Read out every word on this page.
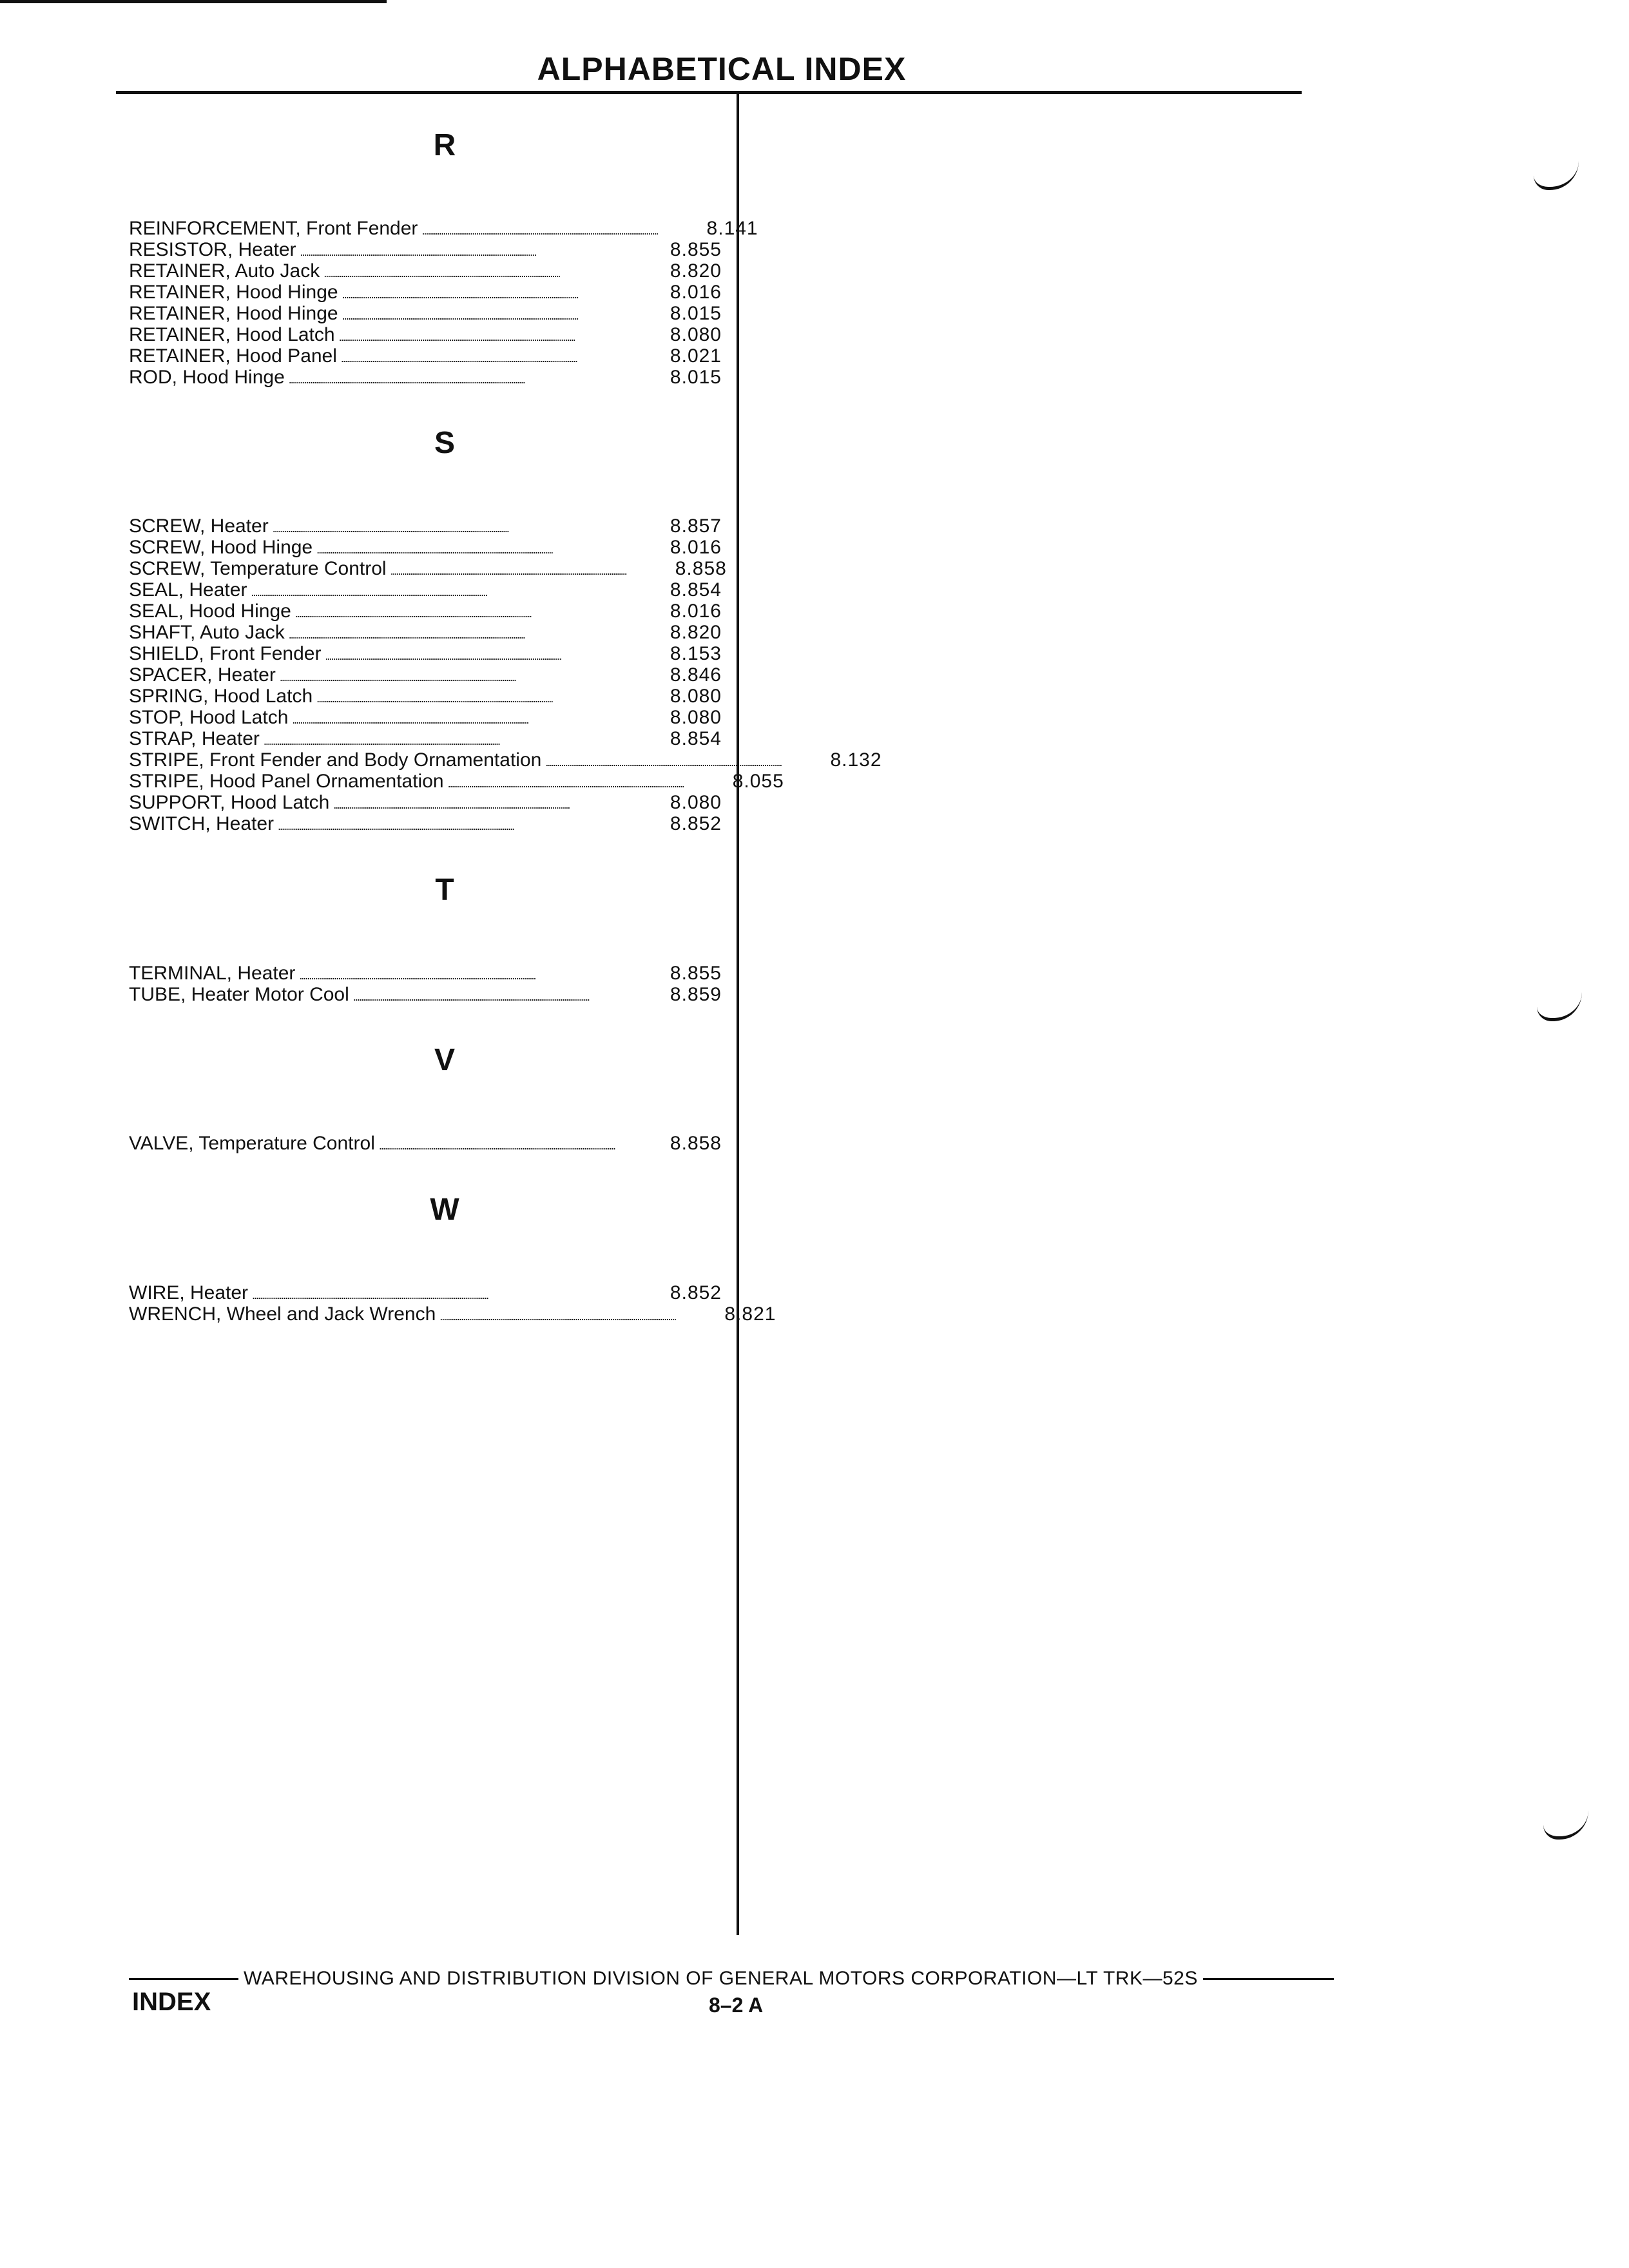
ALPHABETICAL INDEX
R
REINFORCEMENT, Front Fender ..........................................................................................................................	8.141
RESISTOR, Heater ..........................................................................................................................	8.855
RETAINER, Auto Jack ..........................................................................................................................	8.820
RETAINER, Hood Hinge ..........................................................................................................................	8.016
RETAINER, Hood Hinge ..........................................................................................................................	8.015
RETAINER, Hood Latch ..........................................................................................................................	8.080
RETAINER, Hood Panel ..........................................................................................................................	8.021
ROD, Hood Hinge ..........................................................................................................................	8.015
S
SCREW, Heater ..........................................................................................................................	8.857
SCREW, Hood Hinge ..........................................................................................................................	8.016
SCREW, Temperature Control ..........................................................................................................................	8.858
SEAL, Heater ..........................................................................................................................	8.854
SEAL, Hood Hinge ..........................................................................................................................	8.016
SHAFT, Auto Jack ..........................................................................................................................	8.820
SHIELD, Front Fender ..........................................................................................................................	8.153
SPACER, Heater ..........................................................................................................................	8.846
SPRING, Hood Latch ..........................................................................................................................	8.080
STOP, Hood Latch ..........................................................................................................................	8.080
STRAP, Heater ..........................................................................................................................	8.854
STRIPE, Front Fender and Body Ornamentation ..........................................................................................................................	8.132
STRIPE, Hood Panel Ornamentation ..........................................................................................................................	8.055
SUPPORT, Hood Latch ..........................................................................................................................	8.080
SWITCH, Heater ..........................................................................................................................	8.852
T
TERMINAL, Heater ..........................................................................................................................	8.855
TUBE, Heater Motor Cool ..........................................................................................................................	8.859
V
VALVE, Temperature Control ..........................................................................................................................	8.858
W
WIRE, Heater ..........................................................................................................................	8.852
WRENCH, Wheel and Jack Wrench ..........................................................................................................................	8.821
WAREHOUSING AND DISTRIBUTION DIVISION OF GENERAL MOTORS CORPORATION—LT TRK—52S
INDEX	8–2 A
